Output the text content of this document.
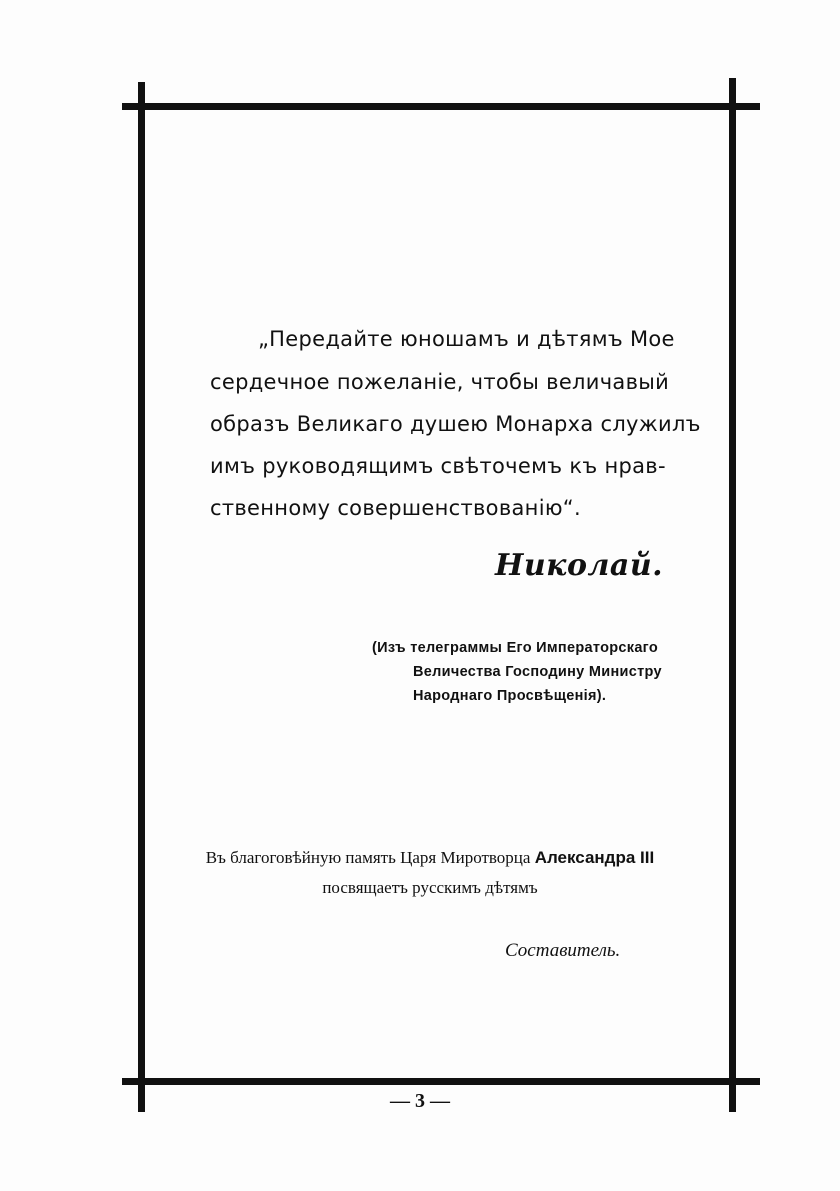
„Передайте юношамъ и дѣтямъ Мое

сердечное пожеланіе, чтобы величавый

образъ Великаго душею Монарха служилъ

имъ руководящимъ свѣточемъ къ нрав-

ственному совершенствованію“.

Николай.

(Изъ телеграммы Его Императорскаго

Величества Господину Министру

Народнаго Просвѣщенія).

Въ благоговѣйную память Царя Миротворца Александра III

посвящаетъ русскимъ дѣтямъ

Составитель.

— 3 —
